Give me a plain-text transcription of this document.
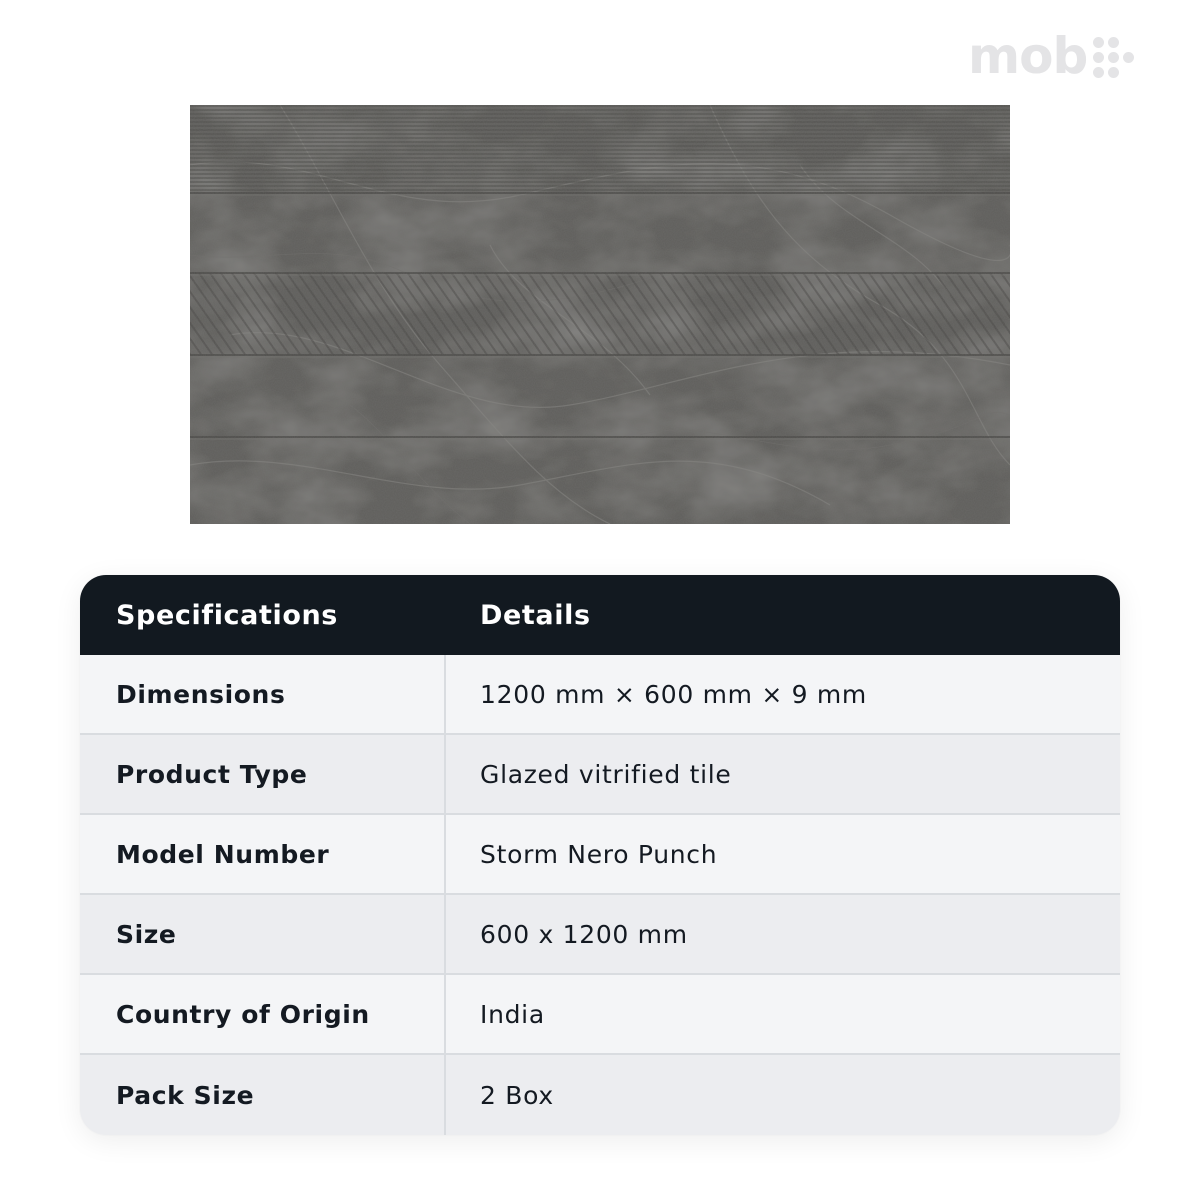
mob
Specifications	Details
Dimensions	1200 mm × 600 mm × 9 mm
Product Type	Glazed vitrified tile
Model Number	Storm Nero Punch
Size	600 x 1200 mm
Country of Origin	India
Pack Size	2 Box
